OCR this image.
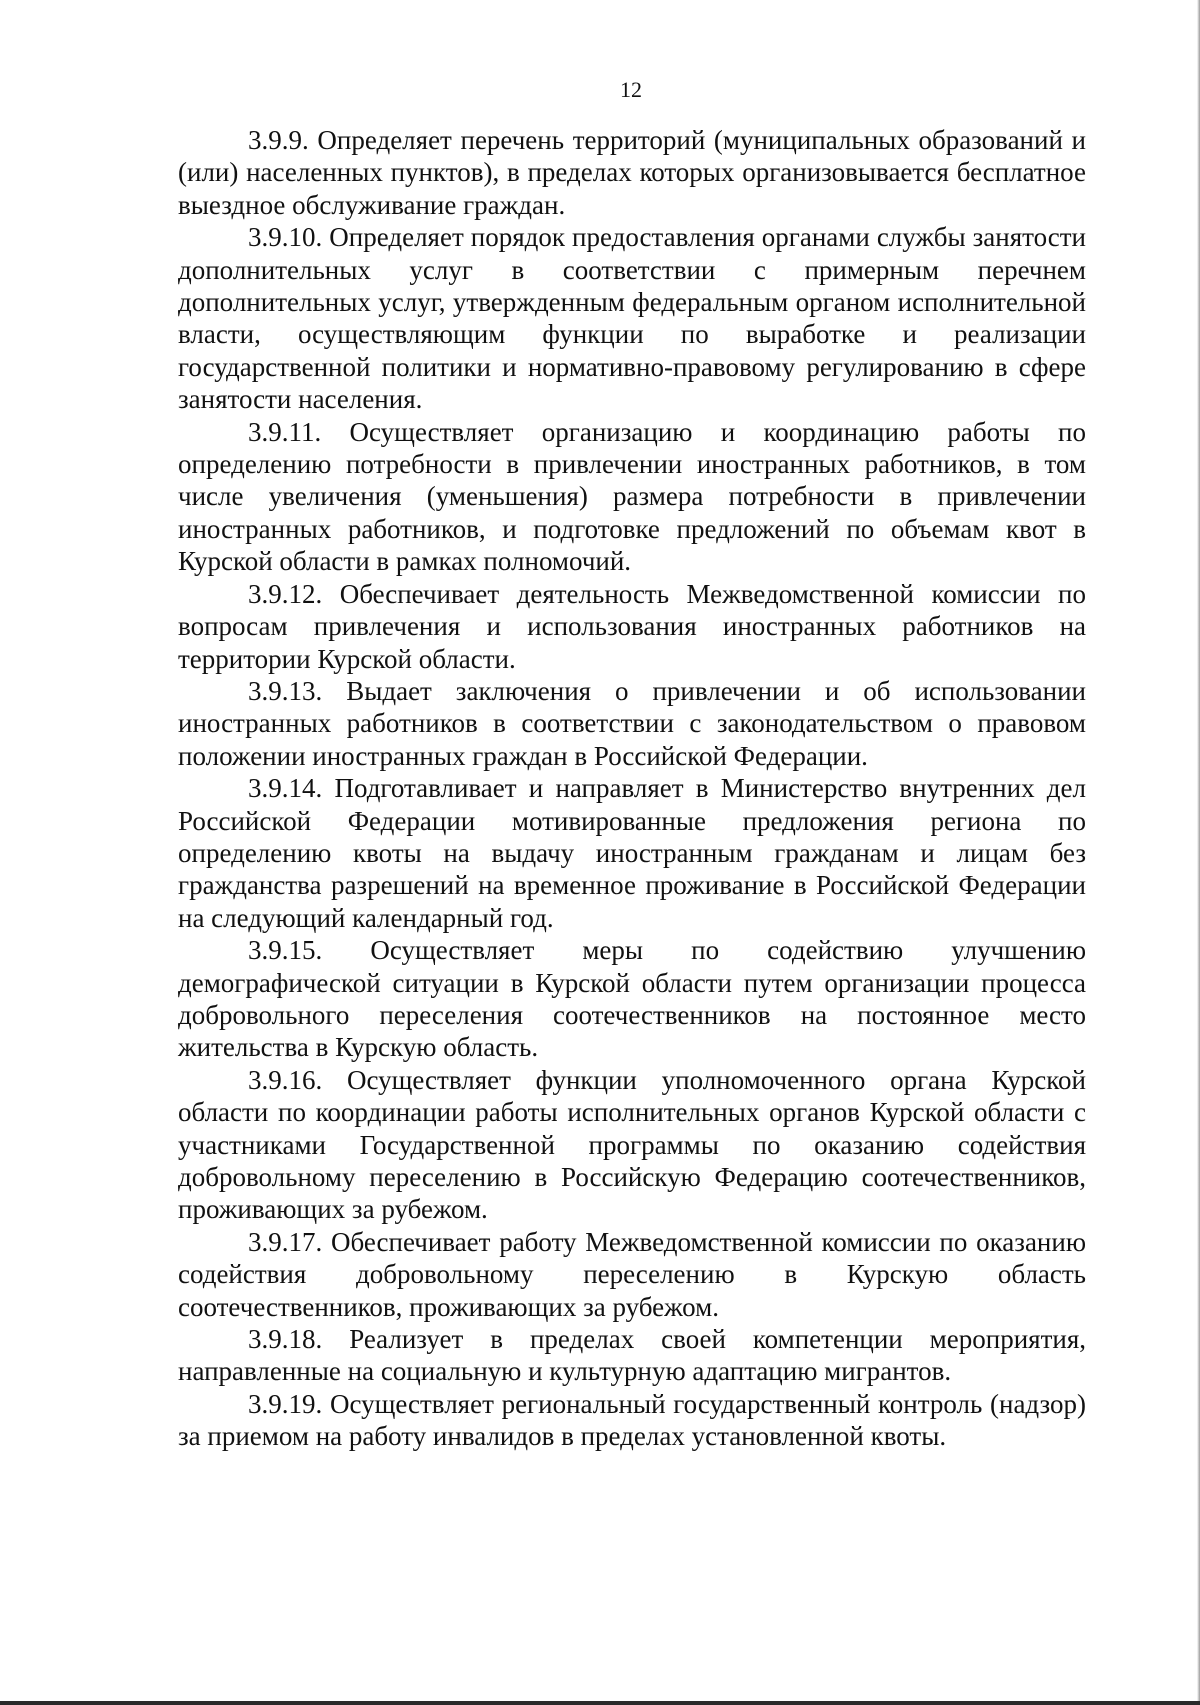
12

3.9.9. Определяет перечень территорий (муниципальных образований и (или) населенных пунктов), в пределах которых организовывается бесплатное выездное обслуживание граждан.

3.9.10. Определяет порядок предоставления органами службы занятости дополнительных услуг в соответствии с примерным перечнем дополнительных услуг, утвержденным федеральным органом исполнительной власти, осуществляющим функции по выработке и реализации государственной политики и нормативно-правовому регулированию в сфере занятости населения.

3.9.11. Осуществляет организацию и координацию работы по определению потребности в привлечении иностранных работников, в том числе увеличения (уменьшения) размера потребности в привлечении иностранных работников, и подготовке предложений по объемам квот в Курской области в рамках полномочий.

3.9.12. Обеспечивает деятельность Межведомственной комиссии по вопросам привлечения и использования иностранных работников на территории Курской области.

3.9.13. Выдает заключения о привлечении и об использовании иностранных работников в соответствии с законодательством о правовом положении иностранных граждан в Российской Федерации.

3.9.14. Подготавливает и направляет в Министерство внутренних дел Российской Федерации мотивированные предложения региона по определению квоты на выдачу иностранным гражданам и лицам без гражданства разрешений на временное проживание в Российской Федерации на следующий календарный год.

3.9.15. Осуществляет меры по содействию улучшению демографической ситуации в Курской области путем организации процесса добровольного переселения соотечественников на постоянное место жительства в Курскую область.

3.9.16. Осуществляет функции уполномоченного органа Курской области по координации работы исполнительных органов Курской области с участниками Государственной программы по оказанию содействия добровольному переселению в Российскую Федерацию соотечественников, проживающих за рубежом.

3.9.17. Обеспечивает работу Межведомственной комиссии по оказанию содействия добровольному переселению в Курскую область соотечественников, проживающих за рубежом.

3.9.18. Реализует в пределах своей компетенции мероприятия, направленные на социальную и культурную адаптацию мигрантов.

3.9.19. Осуществляет региональный государственный контроль (надзор) за приемом на работу инвалидов в пределах установленной квоты.
